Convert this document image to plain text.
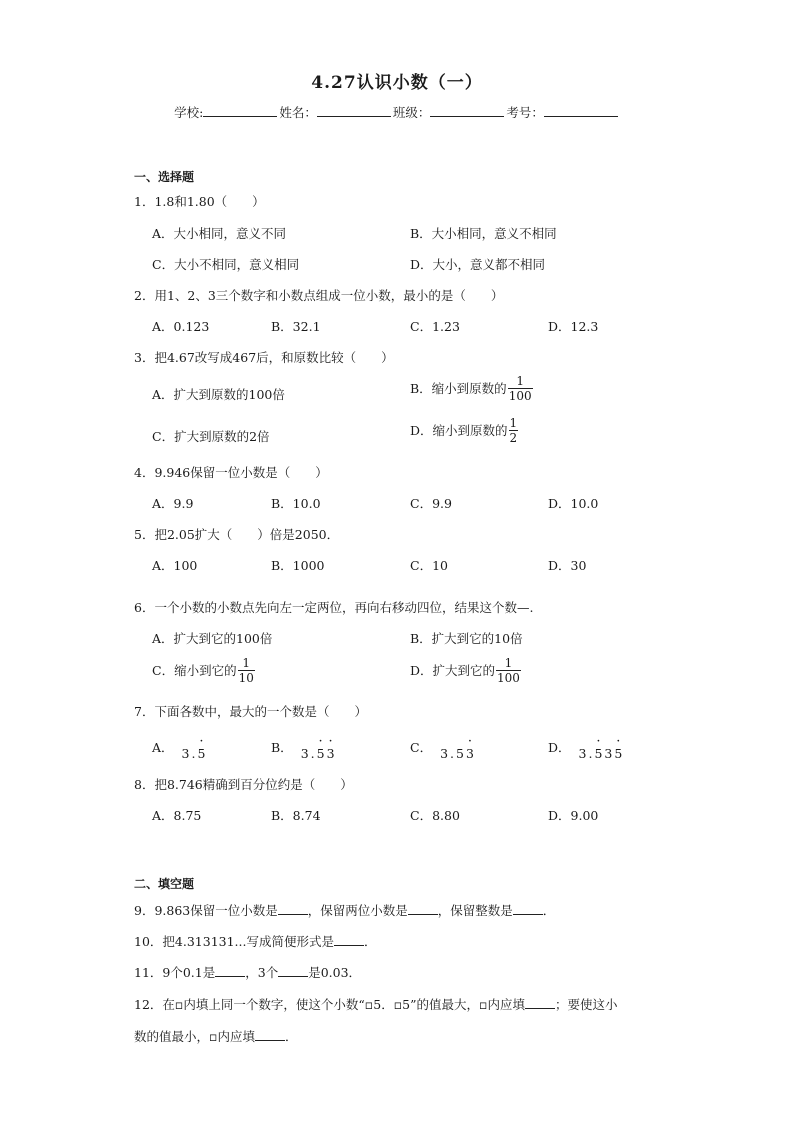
4.27认识小数（一）
学校:	姓名：	班级：	考号：
一、选择题
1．1.8和1.80（　　）
A．大小相同，意义不同	B．大小相同，意义不相同
C．大小不相同，意义相同	D．大小，意义都不相同
2．用1、2、3三个数字和小数点组成一位小数，最小的是（　　）
A．0.123	B．32.1	C．1.23	D．12.3
3．把4.67改写成467后，和原数比较（　　）
A．扩大到原数的100倍	B．缩小到原数的 $\frac{1}{100}$
C．扩大到原数的2倍	D．缩小到原数的 $\frac{1}{2}$
4．9.946保留一位小数是（　　）
A．9.9	B．10.0	C．9.9	D．10.0
5．把2.05扩大（　　）倍是2050．
A．100	B．1000	C．10	D．30
6．一个小数的小数点先向左一定两位，再向右移动四位，结果这个数—.
A．扩大到它的100倍	B．扩大到它的10倍
C．缩小到它的 $\frac{1}{10}$	D．扩大到它的 $\frac{1}{100}$
7．下面各数中，最大的一个数是（　　）
A． 3.· 5	B． 3.· 5· 3	C． 3.5· 3	D． 3.· 53· 5
8．把8.746精确到百分位约是（　　）
A．8.75	B．8.74	C．8.80	D．9.00
二、填空题
9．9.863保留一位小数是 ，保留两位小数是 ，保留整数是 ．
10．把4.313131...写成简便形式是 ．
11．9个0.1是 ，3个 是0.03．
12．在▫内填上同一个数字，使这个小数“▫5．▫5”的值最大，▫内应填 ；要使这小
数的值最小，▫内应填 ．
